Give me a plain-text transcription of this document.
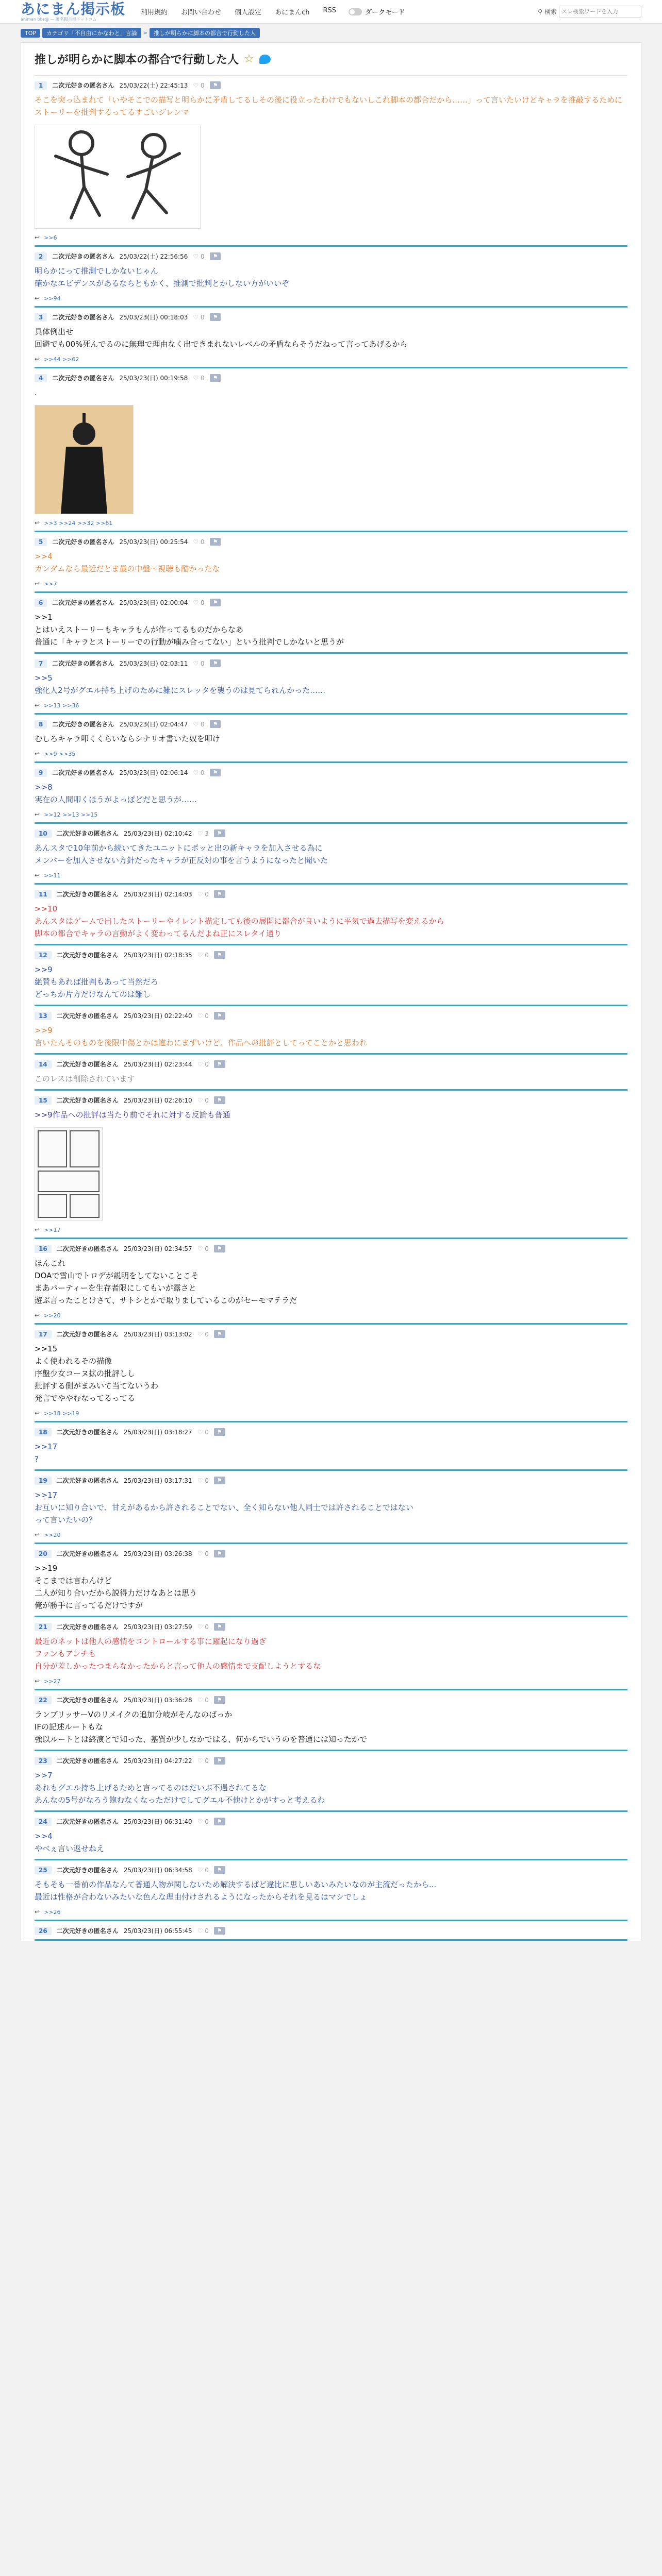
あにまん掲示板
animan bbs@ — 匿名掲示板ドットコム
利用規約 お問い合わせ 個人設定 あにまんch RSS	ダークモード	⚲ 検索
スレ検索ワードを入力
TOP	カテゴリ「不自由にかなわと」言論	>	推しが明らかに脚本の都合で行動した人
推しが明らかに脚本の都合で行動した人 ☆
1	二次元好きの匿名さん 25/03/22(土) 22:45:13 ♡ 0	⚑
そこを突っ込まれて「いやそこでの描写と明らかに矛盾してるしその後に役立ったわけでもないしこれ脚本の都合だから……」って言いたいけどキャラを推敲するためにストーリーを批判するってるすごいジレンマ
↩ >>6
2	二次元好きの匿名さん 25/03/22(土) 22:56:56 ♡ 0	⚑
明らかにって推測でしかないじゃん
確かなエビデンスがあるならともかく、推測で批判とかしない方がいいぞ
↩ >>94
3	二次元好きの匿名さん 25/03/23(日) 00:18:03 ♡ 0	⚑
具体例出せ
回避でも00%死んでるのに無理で理由なく出できまれないレベルの矛盾ならそうだねって言ってあげるから
↩ >>44 >>62
4	二次元好きの匿名さん 25/03/23(日) 00:19:58 ♡ 0	⚑
.
↩ >>3 >>24 >>32 >>61
5	二次元好きの匿名さん 25/03/23(日) 00:25:54 ♡ 0	⚑
>>4
ガンダムなら最近だとま最の中盤〜視聴も酷かったな
↩ >>7
6	二次元好きの匿名さん 25/03/23(日) 02:00:04 ♡ 0	⚑
>>1
とはいえストーリーもキャラもんが作ってるものだからなあ
普通に「キャラとストーリーでの行動が噛み合ってない」という批判でしかないと思うが
7	二次元好きの匿名さん 25/03/23(日) 02:03:11 ♡ 0	⚑
>>5
強化人2号がグエル持ち上げのために雑にスレッタを襲うのは見てられんかった……
↩ >>13 >>36
8	二次元好きの匿名さん 25/03/23(日) 02:04:47 ♡ 0	⚑
むしろキャラ叩くくらいならシナリオ書いた奴を叩け
↩ >>9 >>35
9	二次元好きの匿名さん 25/03/23(日) 02:06:14 ♡ 0	⚑
>>8
実在の人間叩くほうがよっぽどだと思うが……
↩ >>12 >>13 >>15
10	二次元好きの匿名さん 25/03/23(日) 02:10:42 ♡ 3	⚑
あんスタで10年前から続いてきたユニットにポッと出の新キャラを加入させる為に
メンバーを加入させない方針だったキャラが正反対の事を言うようになったと聞いた
↩ >>11
11	二次元好きの匿名さん 25/03/23(日) 02:14:03 ♡ 0	⚑
>>10
あんスタはゲームで出したストーリーやイレント描定しても後の展開に都合が良いように平気で過去描写を変えるから
脚本の都合でキャラの言動がよく変わってるんだよね正にスレタイ通り
12	二次元好きの匿名さん 25/03/23(日) 02:18:35 ♡ 0	⚑
>>9
絶賛もあれば批判もあって当然だろ
どっちか片方だけなんてのは難し
13	二次元好きの匿名さん 25/03/23(日) 02:22:40 ♡ 0	⚑
>>9
言いたんそのものを後限中傷とかは違わにまずいけど、作品への批評としてってことかと思われ
14	二次元好きの匿名さん 25/03/23(日) 02:23:44 ♡ 0	⚑
このレスは削除されています
15	二次元好きの匿名さん 25/03/23(日) 02:26:10 ♡ 0	⚑
>>9作品への批評は当たり前でそれに対する反論も普通
↩ >>17
16	二次元好きの匿名さん 25/03/23(日) 02:34:57 ♡ 0	⚑
ほんこれ
DOAで雪山でトロデが説明をしてないことこそ
まあパーティーを生存者限にしてもいが露さと
遊ぶ言ったことけさて、サトシとかで取りましているこのがセーモマテラだ
↩ >>20
17	二次元好きの匿名さん 25/03/23(日) 03:13:02 ♡ 0	⚑
>>15
よく使われるその描像
序盤少女コーヌ拡の批評しし
批評する側がまみいて当てないうわ
発言でややむなってるってる
↩ >>18 >>19
18	二次元好きの匿名さん 25/03/23(日) 03:18:27 ♡ 0	⚑
>>17
?
19	二次元好きの匿名さん 25/03/23(日) 03:17:31 ♡ 0	⚑
>>17
お互いに知り合いで、甘えがあるから許されることでない、全く知らない他人同士では許されることではない
って言いたいの？
↩ >>20
20	二次元好きの匿名さん 25/03/23(日) 03:26:38 ♡ 0	⚑
>>19
そこまでは言わんけど
二人が知り合いだから説得力だけなあとは思う
俺が勝手に言ってるだけですが
21	二次元好きの匿名さん 25/03/23(日) 03:27:59 ♡ 0	⚑
最近のネットは他人の感情をコントロールする事に躍起になり過ぎ
ファンもアンチも
自分が差しかったつまらなかったからと言って他人の感情まで支配しようとするな
↩ >>27
22	二次元好きの匿名さん 25/03/23(日) 03:36:28 ♡ 0	⚑
ランブリッサーVのリメイクの追加分岐がそんなのばっか
IFの記述ルートもな
強以ルートとは終演とで知った、基質が少しなかではる、何からでいうのを普通には知ったかで
23	二次元好きの匿名さん 25/03/23(日) 04:27:22 ♡ 0	⚑
>>7
あれもグエル持ち上げるためと言ってるのはだいぶ不遇されてるな
あんなの5号がなろう飽むなくなっただけでしてグエル不他けとかがすっと考えるわ
24	二次元好きの匿名さん 25/03/23(日) 06:31:40 ♡ 0	⚑
>>4
やべぇ言い返せねえ
25	二次元好きの匿名さん 25/03/23(日) 06:34:58 ♡ 0	⚑
そもそも一番前の作品なんて普通人物が関しないため解決するぱど違比に思しいあいみたいなのが主流だったから...
最近は性格が合わないみたいな色んな理由付けされるようになったからそれを見るはマシでしょ
↩ >>26
26	二次元好きの匿名さん 25/03/23(日) 06:55:45 ♡ 0	⚑
